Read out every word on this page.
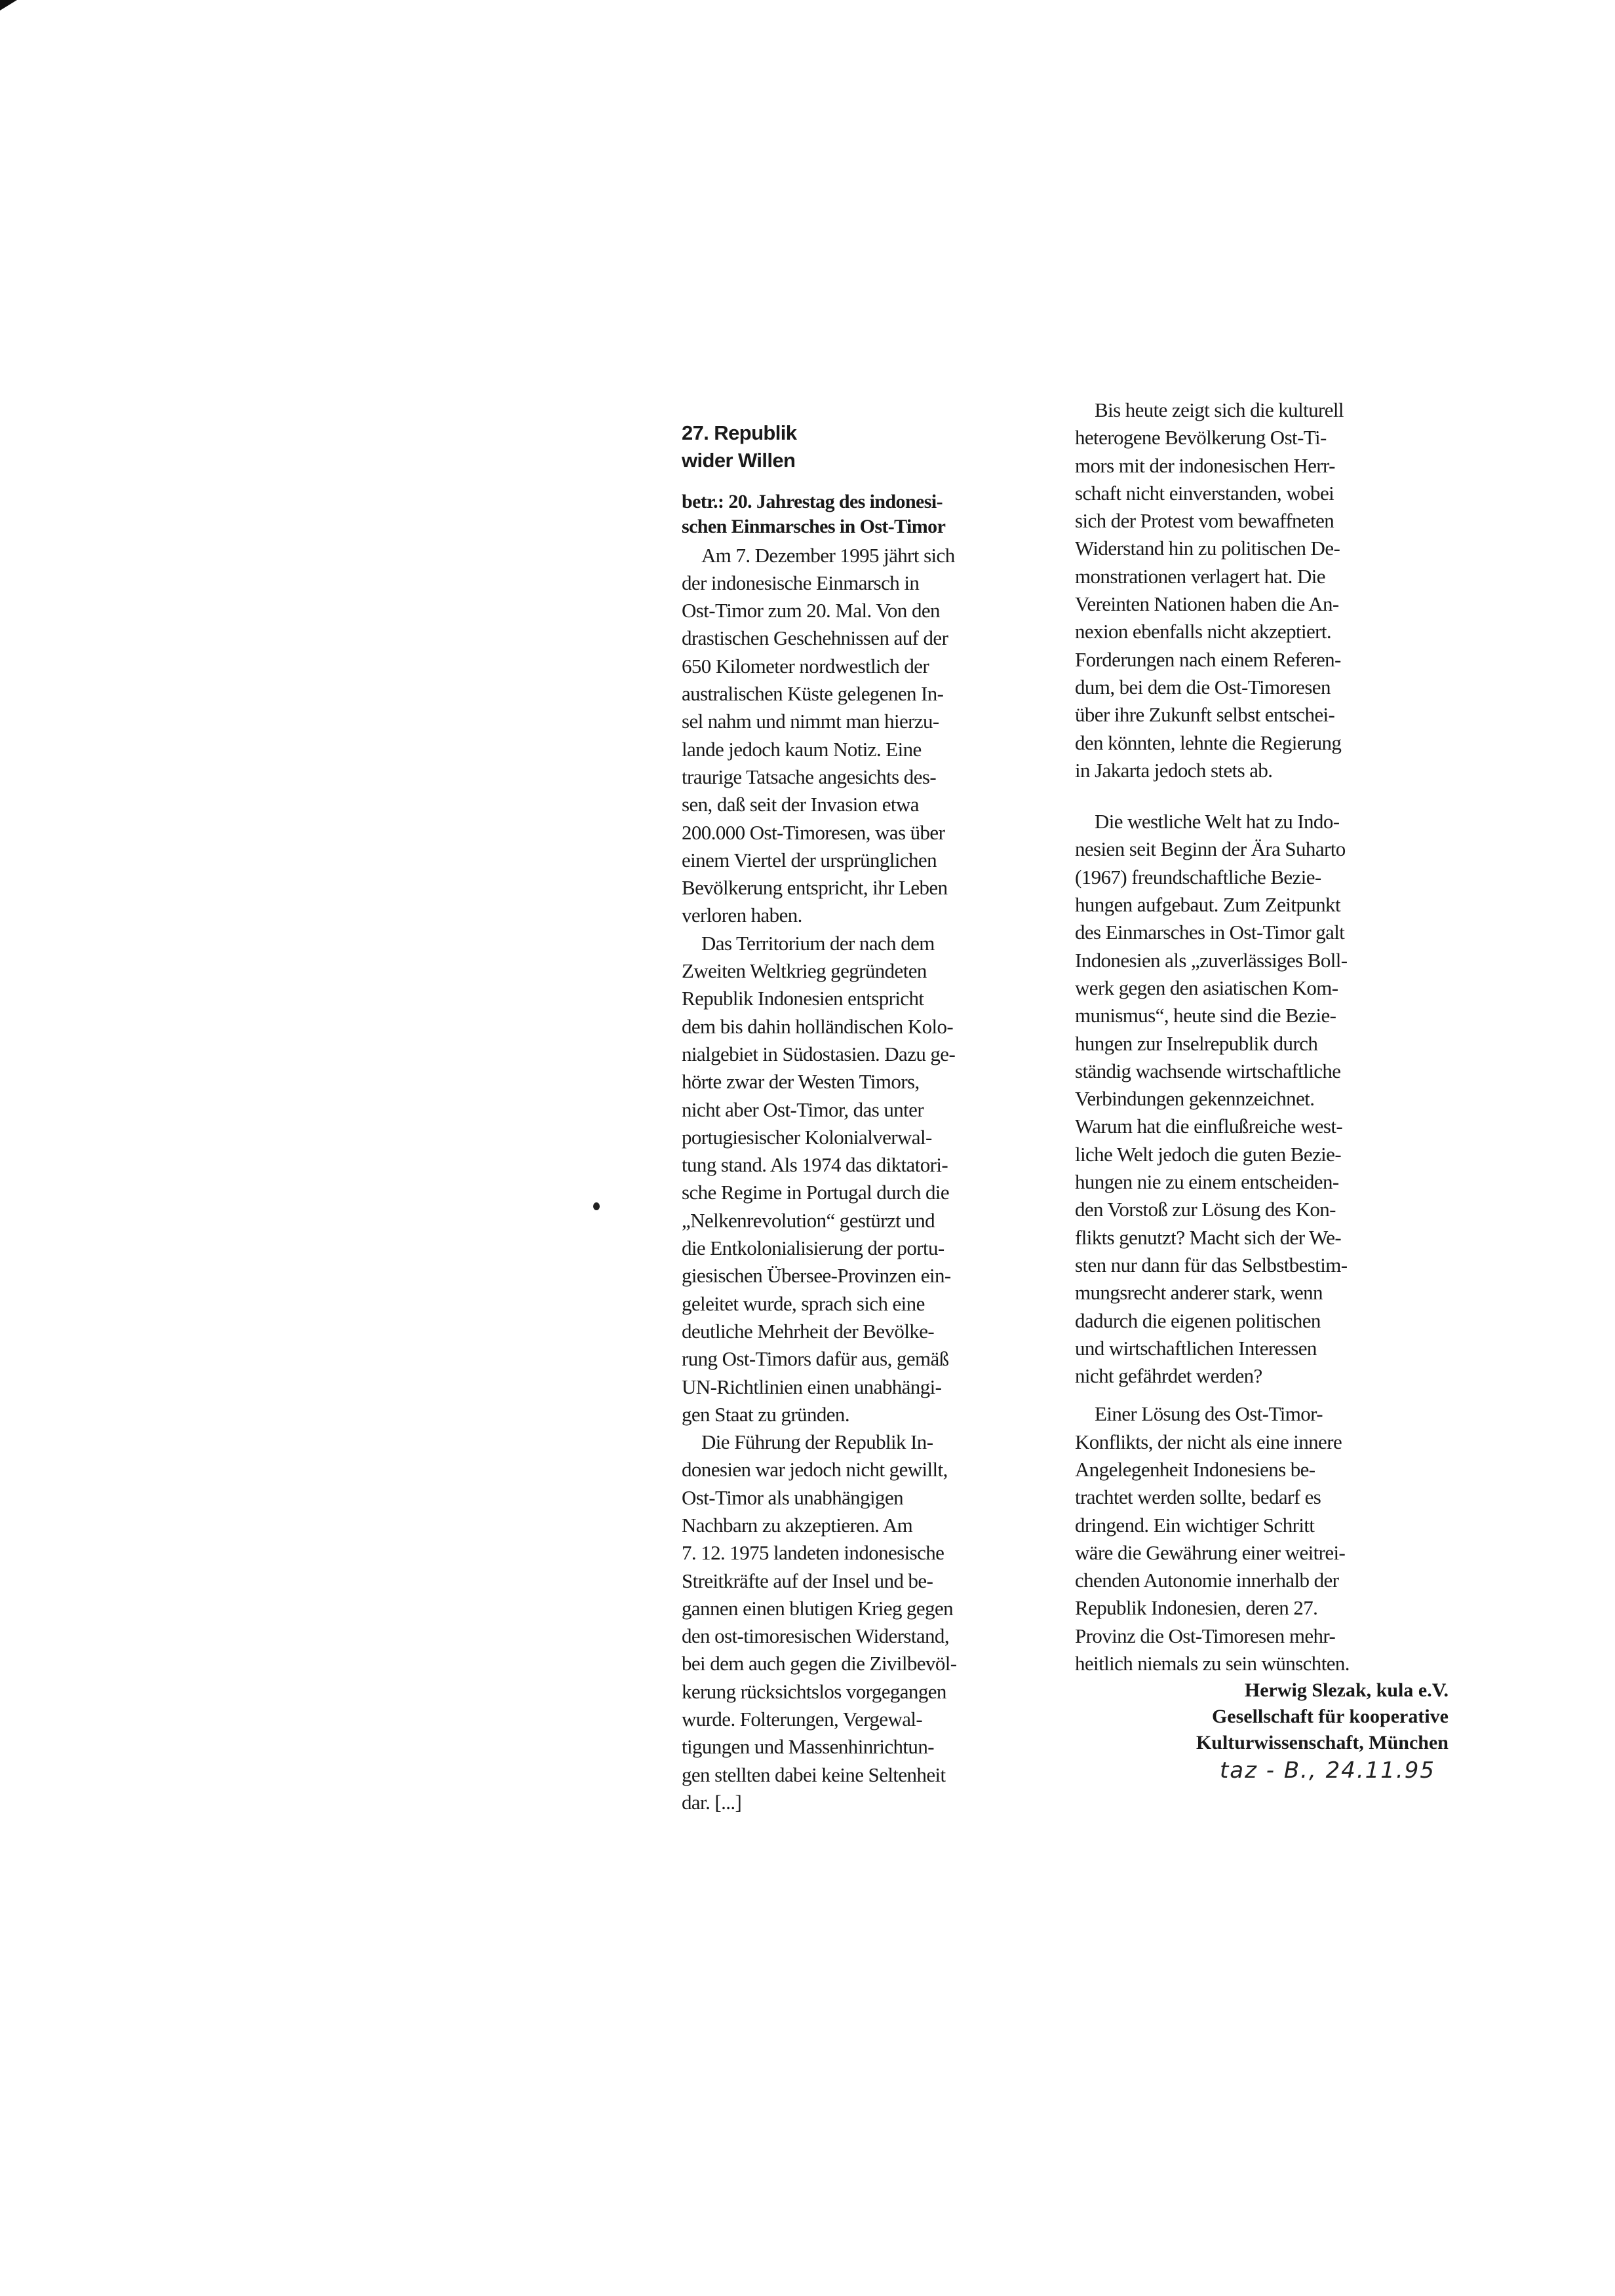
27. Republik
wider Willen
betr.: 20. Jahrestag des indonesi-
schen Einmarsches in Ost-Timor
Am 7. Dezember 1995 jährt sich
der indonesische Einmarsch in
Ost-Timor zum 20. Mal. Von den
drastischen Geschehnissen auf der
650 Kilometer nordwestlich der
australischen Küste gelegenen In-
sel nahm und nimmt man hierzu-
lande jedoch kaum Notiz. Eine
traurige Tatsache angesichts des-
sen, daß seit der Invasion etwa
200.000 Ost-Timoresen, was über
einem Viertel der ursprünglichen
Bevölkerung entspricht, ihr Leben
verloren haben.
Das Territorium der nach dem
Zweiten Weltkrieg gegründeten
Republik Indonesien entspricht
dem bis dahin holländischen Kolo-
nialgebiet in Südostasien. Dazu ge-
hörte zwar der Westen Timors,
nicht aber Ost-Timor, das unter
portugiesischer Kolonialverwal-
tung stand. Als 1974 das diktatori-
sche Regime in Portugal durch die
„Nelkenrevolution“ gestürzt und
die Entkolonialisierung der portu-
giesischen Übersee-Provinzen ein-
geleitet wurde, sprach sich eine
deutliche Mehrheit der Bevölke-
rung Ost-Timors dafür aus, gemäß
UN-Richtlinien einen unabhängi-
gen Staat zu gründen.
Die Führung der Republik In-
donesien war jedoch nicht gewillt,
Ost-Timor als unabhängigen
Nachbarn zu akzeptieren. Am
7. 12. 1975 landeten indonesische
Streitkräfte auf der Insel und be-
gannen einen blutigen Krieg gegen
den ost-timoresischen Widerstand,
bei dem auch gegen die Zivilbevöl-
kerung rücksichtslos vorgegangen
wurde. Folterungen, Vergewal-
tigungen und Massenhinrichtun-
gen stellten dabei keine Seltenheit
dar. [...]
Bis heute zeigt sich die kulturell
heterogene Bevölkerung Ost-Ti-
mors mit der indonesischen Herr-
schaft nicht einverstanden, wobei
sich der Protest vom bewaffneten
Widerstand hin zu politischen De-
monstrationen verlagert hat. Die
Vereinten Nationen haben die An-
nexion ebenfalls nicht akzeptiert.
Forderungen nach einem Referen-
dum, bei dem die Ost-Timoresen
über ihre Zukunft selbst entschei-
den könnten, lehnte die Regierung
in Jakarta jedoch stets ab.
Die westliche Welt hat zu Indo-
nesien seit Beginn der Ära Suharto
(1967) freundschaftliche Bezie-
hungen aufgebaut. Zum Zeitpunkt
des Einmarsches in Ost-Timor galt
Indonesien als „zuverlässiges Boll-
werk gegen den asiatischen Kom-
munismus“, heute sind die Bezie-
hungen zur Inselrepublik durch
ständig wachsende wirtschaftliche
Verbindungen gekennzeichnet.
Warum hat die einflußreiche west-
liche Welt jedoch die guten Bezie-
hungen nie zu einem entscheiden-
den Vorstoß zur Lösung des Kon-
flikts genutzt? Macht sich der We-
sten nur dann für das Selbstbestim-
mungsrecht anderer stark, wenn
dadurch die eigenen politischen
und wirtschaftlichen Interessen
nicht gefährdet werden?
Einer Lösung des Ost-Timor-
Konflikts, der nicht als eine innere
Angelegenheit Indonesiens be-
trachtet werden sollte, bedarf es
dringend. Ein wichtiger Schritt
wäre die Gewährung einer weitrei-
chenden Autonomie innerhalb der
Republik Indonesien, deren 27.
Provinz die Ost-Timoresen mehr-
heitlich niemals zu sein wünschten.
Herwig Slezak, kula e.V.
Gesellschaft für kooperative
Kulturwissenschaft, München
taz - B., 24.11.95
